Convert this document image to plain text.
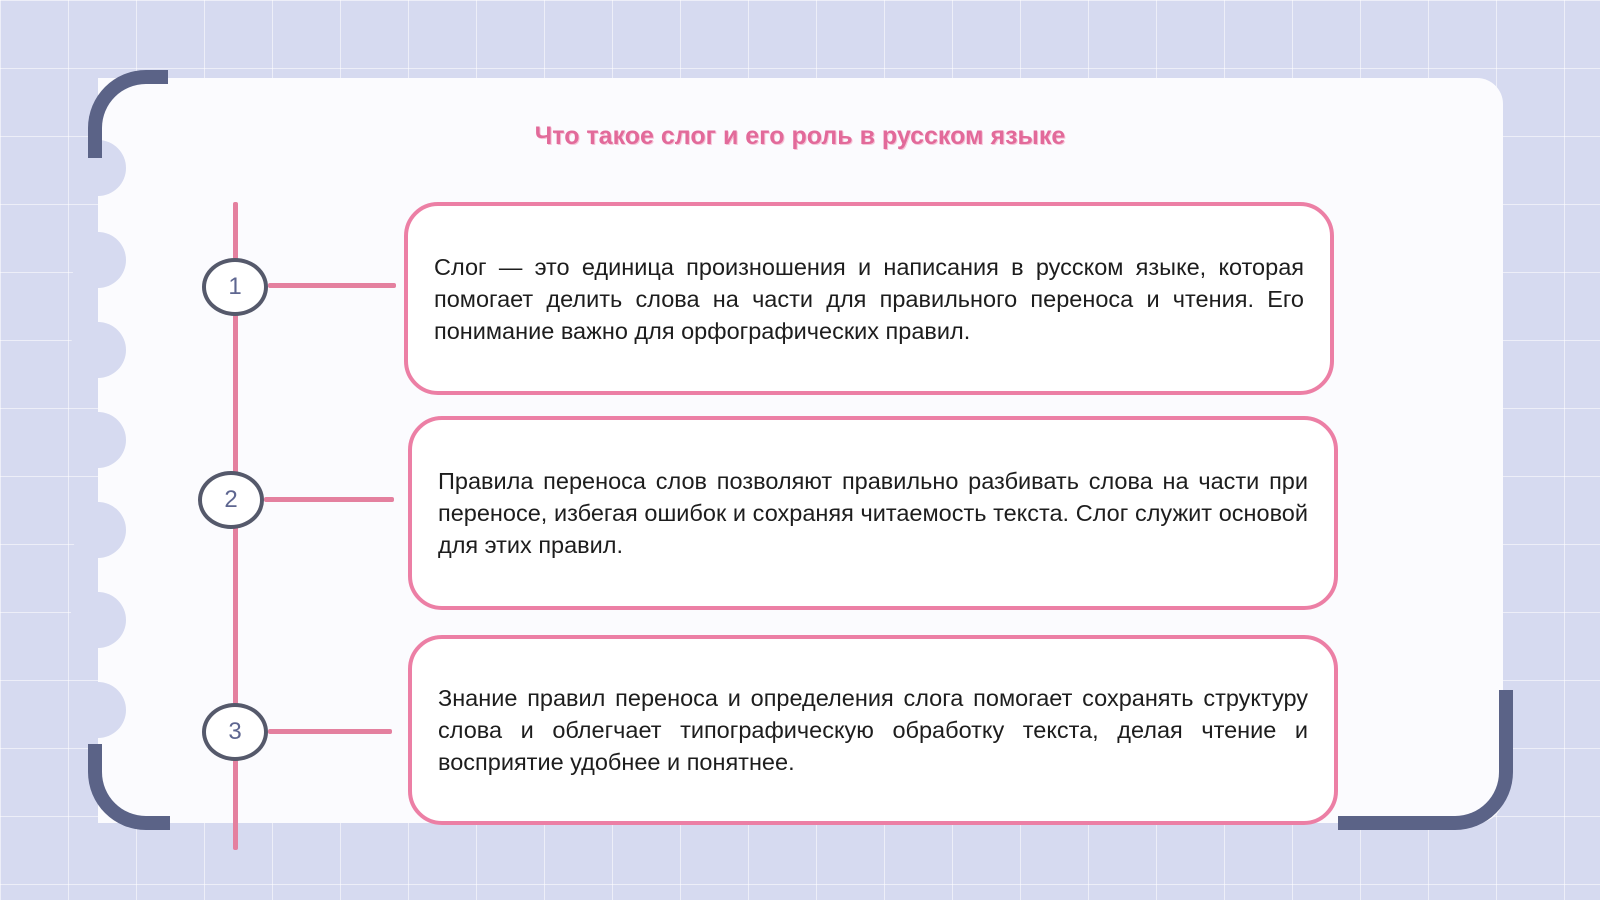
Что такое слог и его роль в русском языке
1

Слог — это единица произношения и написания в русском языке, которая помогает делить слова на части для правильного переноса и чтения. Его понимание важно для орфографических правил.

2

Правила переноса слов позволяют правильно разбивать слова на части при переносе, избегая ошибок и сохраняя читаемость текста. Слог служит основой для этих правил.

3

Знание правил переноса и определения слога помогает сохранять структуру слова и облегчает типографическую обработку текста, делая чтение и восприятие удобнее и понятнее.
